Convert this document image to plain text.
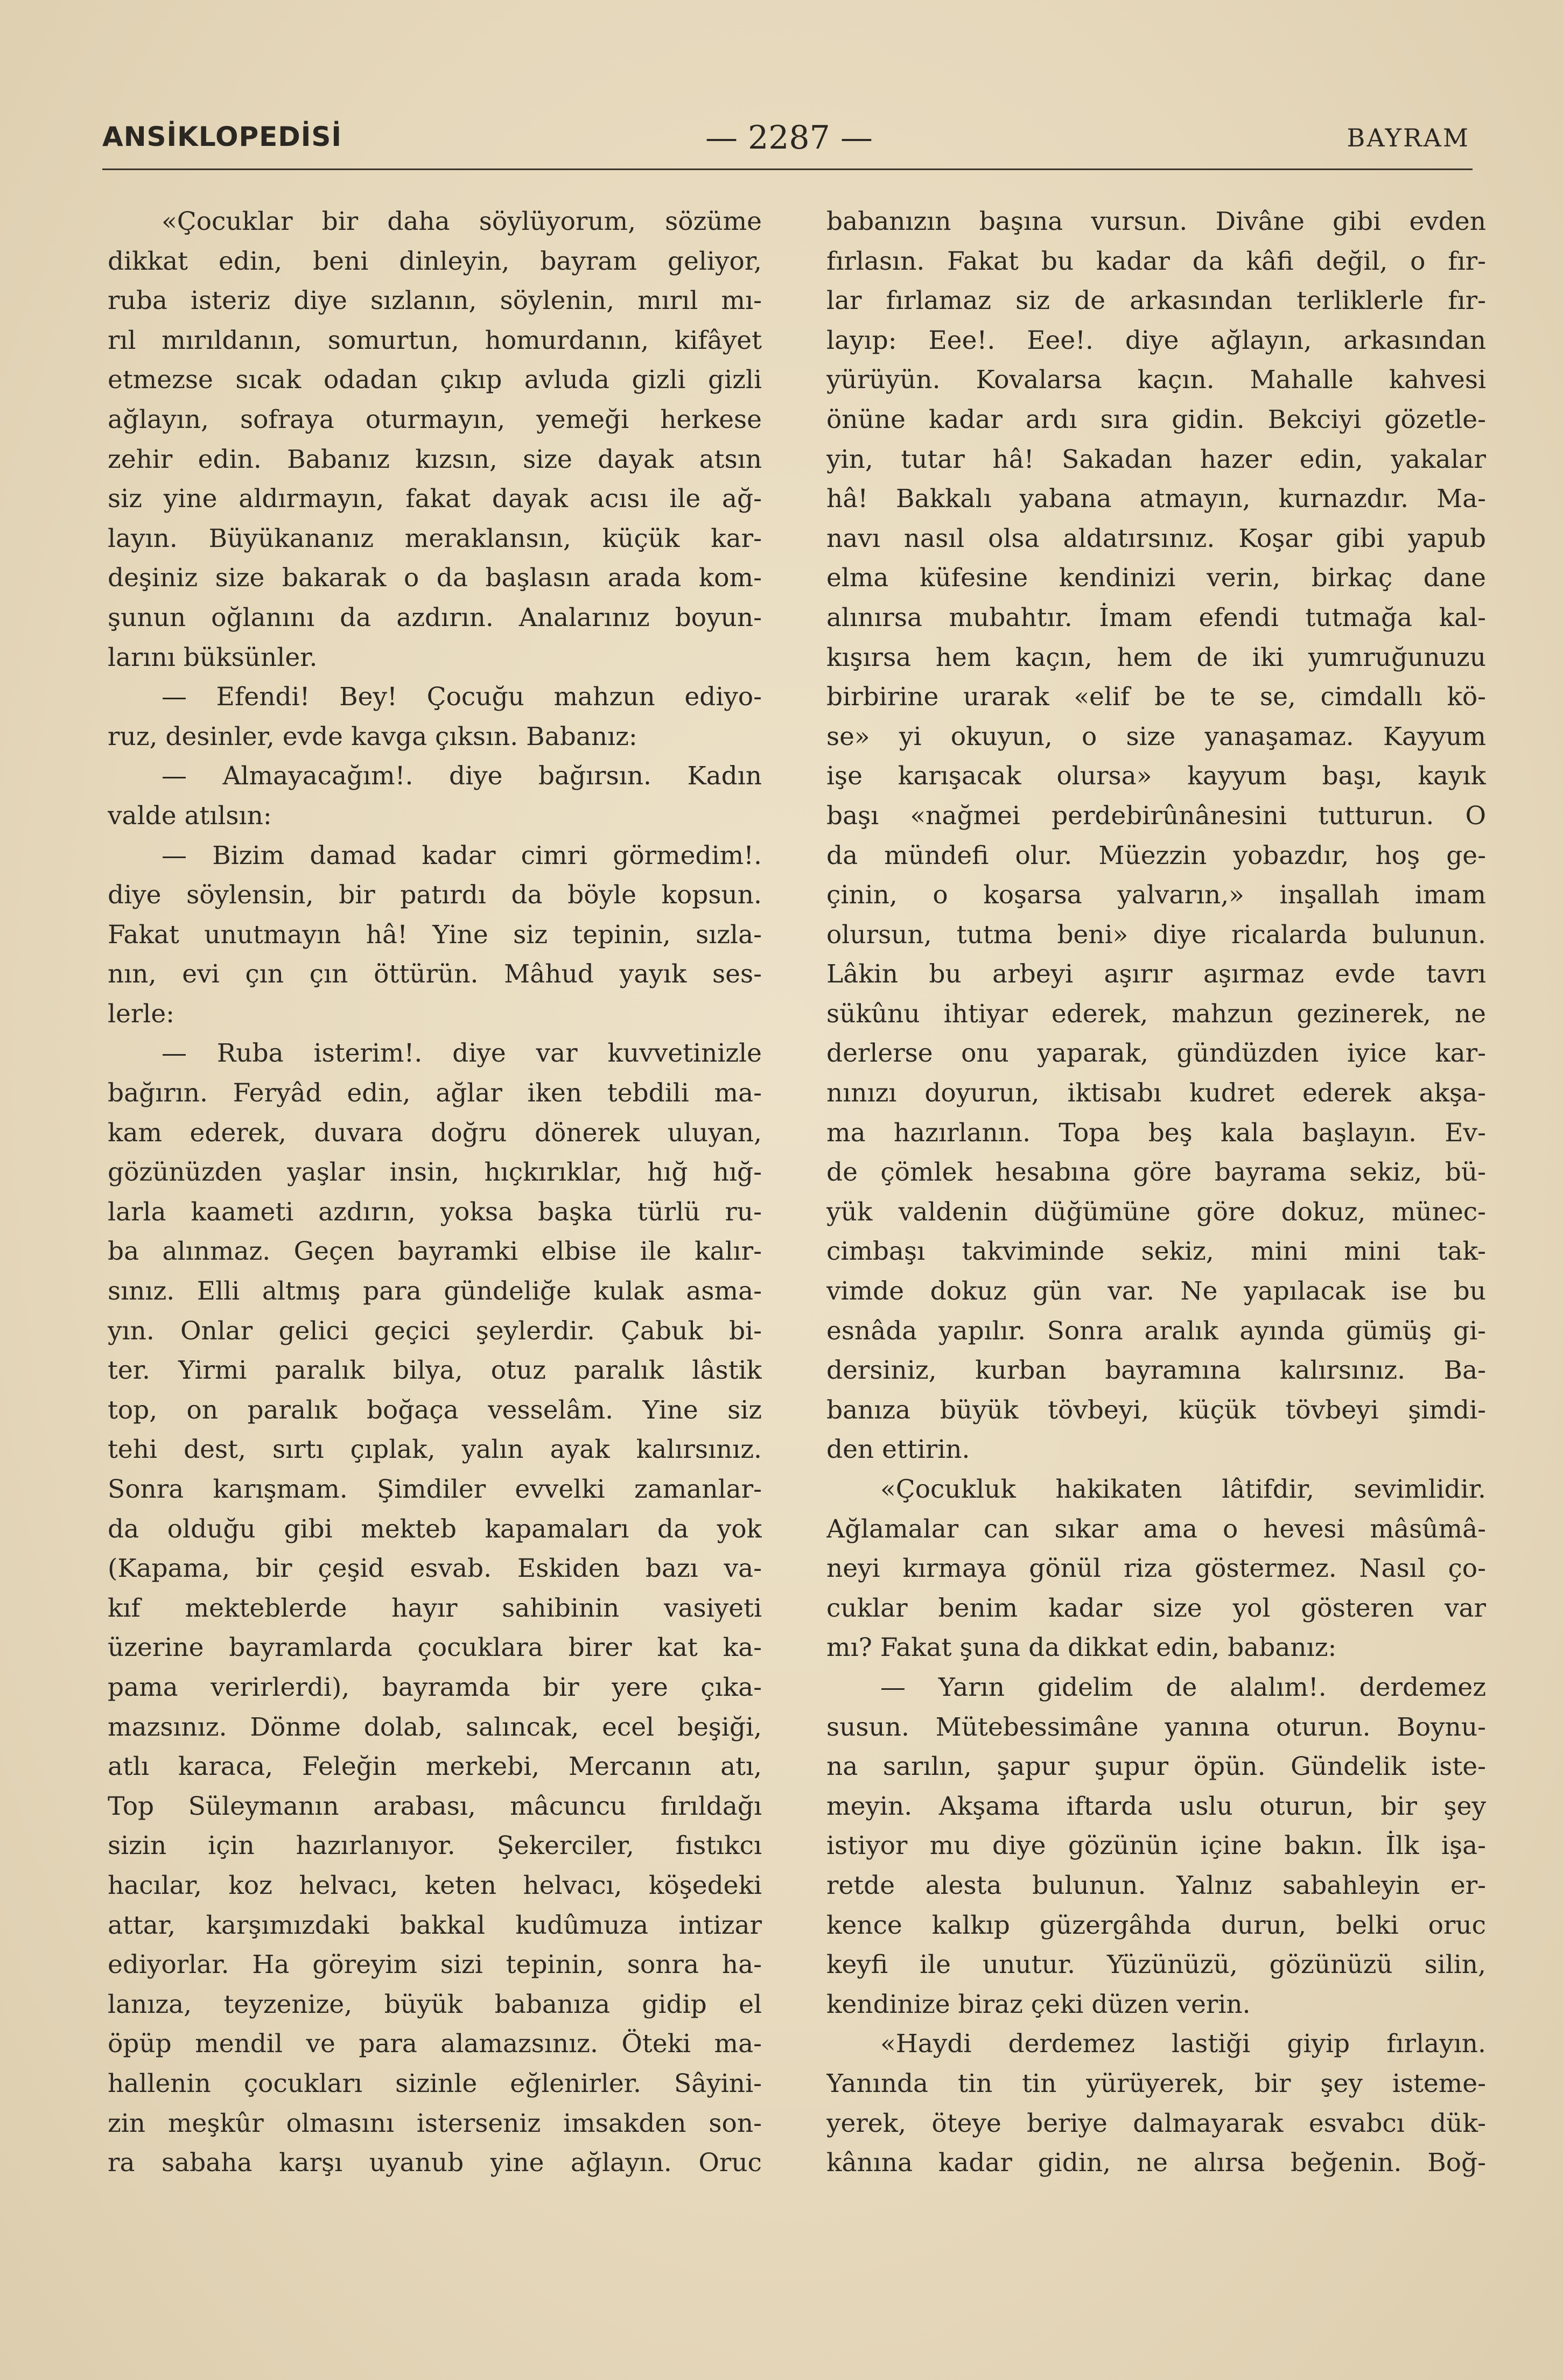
ANSİKLOPEDİSİ	— 2287 —	BAYRAM
«Çocuklar bir daha söylüyorum, sözüme
dikkat edin, beni dinleyin, bayram geliyor,
ruba isteriz diye sızlanın, söylenin, mırıl mı-
rıl mırıldanın, somurtun, homurdanın, kifâyet
etmezse sıcak odadan çıkıp avluda gizli gizli
ağlayın, sofraya oturmayın, yemeği herkese
zehir edin. Babanız kızsın, size dayak atsın
siz yine aldırmayın, fakat dayak acısı ile ağ-
layın. Büyükananız meraklansın, küçük kar-
deşiniz size bakarak o da başlasın arada kom-
şunun oğlanını da azdırın. Analarınız boyun-
larını büksünler.
— Efendi! Bey! Çocuğu mahzun ediyo-
ruz, desinler, evde kavga çıksın. Babanız:
— Almayacağım!. diye bağırsın. Kadın
valde atılsın:
— Bizim damad kadar cimri görmedim!.
diye söylensin, bir patırdı da böyle kopsun.
Fakat unutmayın hâ! Yine siz tepinin, sızla-
nın, evi çın çın öttürün. Mâhud yayık ses-
lerle:
— Ruba isterim!. diye var kuvvetinizle
bağırın. Feryâd edin, ağlar iken tebdili ma-
kam ederek, duvara doğru dönerek uluyan,
gözünüzden yaşlar insin, hıçkırıklar, hığ hığ-
larla kaameti azdırın, yoksa başka türlü ru-
ba alınmaz. Geçen bayramki elbise ile kalır-
sınız. Elli altmış para gündeliğe kulak asma-
yın. Onlar gelici geçici şeylerdir. Çabuk bi-
ter. Yirmi paralık bilya, otuz paralık lâstik
top, on paralık boğaça vesselâm. Yine siz
tehi dest, sırtı çıplak, yalın ayak kalırsınız.
Sonra karışmam. Şimdiler evvelki zamanlar-
da olduğu gibi mekteb kapamaları da yok
(Kapama, bir çeşid esvab. Eskiden bazı va-
kıf mekteblerde hayır sahibinin vasiyeti
üzerine bayramlarda çocuklara birer kat ka-
pama verirlerdi), bayramda bir yere çıka-
mazsınız. Dönme dolab, salıncak, ecel beşiği,
atlı karaca, Feleğin merkebi, Mercanın atı,
Top Süleymanın arabası, mâcuncu fırıldağı
sizin için hazırlanıyor. Şekerciler, fıstıkcı
hacılar, koz helvacı, keten helvacı, köşedeki
attar, karşımızdaki bakkal kudûmuza intizar
ediyorlar. Ha göreyim sizi tepinin, sonra ha-
lanıza, teyzenize, büyük babanıza gidip el
öpüp mendil ve para alamazsınız. Öteki ma-
hallenin çocukları sizinle eğlenirler. Sâyini-
zin meşkûr olmasını isterseniz imsakden son-
ra sabaha karşı uyanub yine ağlayın. Oruc
babanızın başına vursun. Divâne gibi evden
fırlasın. Fakat bu kadar da kâfi değil, o fır-
lar fırlamaz siz de arkasından terliklerle fır-
layıp: Eee!. Eee!. diye ağlayın, arkasından
yürüyün. Kovalarsa kaçın. Mahalle kahvesi
önüne kadar ardı sıra gidin. Bekciyi gözetle-
yin, tutar hâ! Sakadan hazer edin, yakalar
hâ! Bakkalı yabana atmayın, kurnazdır. Ma-
navı nasıl olsa aldatırsınız. Koşar gibi yapub
elma küfesine kendinizi verin, birkaç dane
alınırsa mubahtır. İmam efendi tutmağa kal-
kışırsa hem kaçın, hem de iki yumruğunuzu
birbirine urarak «elif be te se, cimdallı kö-
se» yi okuyun, o size yanaşamaz. Kayyum
işe karışacak olursa» kayyum başı, kayık
başı «nağmei perdebirûnânesini tutturun. O
da mündefi olur. Müezzin yobazdır, hoş ge-
çinin, o koşarsa yalvarın,» inşallah imam
olursun, tutma beni» diye ricalarda bulunun.
Lâkin bu arbeyi aşırır aşırmaz evde tavrı
sükûnu ihtiyar ederek, mahzun gezinerek, ne
derlerse onu yaparak, gündüzden iyice kar-
nınızı doyurun, iktisabı kudret ederek akşa-
ma hazırlanın. Topa beş kala başlayın. Ev-
de çömlek hesabına göre bayrama sekiz, bü-
yük valdenin düğümüne göre dokuz, münec-
cimbaşı takviminde sekiz, mini mini tak-
vimde dokuz gün var. Ne yapılacak ise bu
esnâda yapılır. Sonra aralık ayında gümüş gi-
dersiniz, kurban bayramına kalırsınız. Ba-
banıza büyük tövbeyi, küçük tövbeyi şimdi-
den ettirin.
«Çocukluk hakikaten lâtifdir, sevimlidir.
Ağlamalar can sıkar ama o hevesi mâsûmâ-
neyi kırmaya gönül riza göstermez. Nasıl ço-
cuklar benim kadar size yol gösteren var
mı? Fakat şuna da dikkat edin, babanız:
— Yarın gidelim de alalım!. derdemez
susun. Mütebessimâne yanına oturun. Boynu-
na sarılın, şapur şupur öpün. Gündelik iste-
meyin. Akşama iftarda uslu oturun, bir şey
istiyor mu diye gözünün içine bakın. İlk işa-
retde alesta bulunun. Yalnız sabahleyin er-
kence kalkıp güzergâhda durun, belki oruc
keyfi ile unutur. Yüzünüzü, gözünüzü silin,
kendinize biraz çeki düzen verin.
«Haydi derdemez lastiği giyip fırlayın.
Yanında tin tin yürüyerek, bir şey isteme-
yerek, öteye beriye dalmayarak esvabcı dük-
kânına kadar gidin, ne alırsa beğenin. Boğ-
